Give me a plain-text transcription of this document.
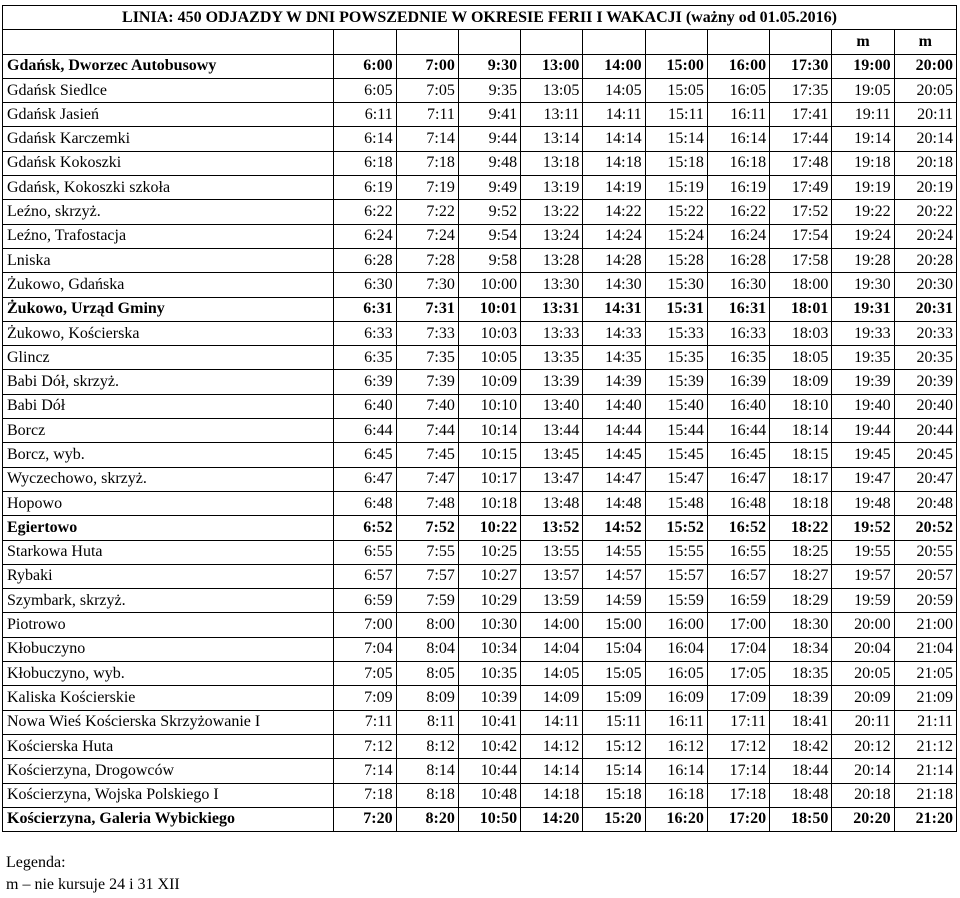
LINIA: 450 ODJAZDY W DNI POWSZEDNIE W OKRESIE FERII I WAKACJI (ważny od 01.05.2016)										
									m	m
Gdańsk, Dworzec Autobusowy	6:00	7:00	9:30	13:00	14:00	15:00	16:00	17:30	19:00	20:00
Gdańsk Siedlce	6:05	7:05	9:35	13:05	14:05	15:05	16:05	17:35	19:05	20:05
Gdańsk Jasień	6:11	7:11	9:41	13:11	14:11	15:11	16:11	17:41	19:11	20:11
Gdańsk Karczemki	6:14	7:14	9:44	13:14	14:14	15:14	16:14	17:44	19:14	20:14
Gdańsk Kokoszki	6:18	7:18	9:48	13:18	14:18	15:18	16:18	17:48	19:18	20:18
Gdańsk, Kokoszki szkoła	6:19	7:19	9:49	13:19	14:19	15:19	16:19	17:49	19:19	20:19
Leźno, skrzyż.	6:22	7:22	9:52	13:22	14:22	15:22	16:22	17:52	19:22	20:22
Leźno, Trafostacja	6:24	7:24	9:54	13:24	14:24	15:24	16:24	17:54	19:24	20:24
Lniska	6:28	7:28	9:58	13:28	14:28	15:28	16:28	17:58	19:28	20:28
Żukowo, Gdańska	6:30	7:30	10:00	13:30	14:30	15:30	16:30	18:00	19:30	20:30
Żukowo, Urząd Gminy	6:31	7:31	10:01	13:31	14:31	15:31	16:31	18:01	19:31	20:31
Żukowo, Kościerska	6:33	7:33	10:03	13:33	14:33	15:33	16:33	18:03	19:33	20:33
Glincz	6:35	7:35	10:05	13:35	14:35	15:35	16:35	18:05	19:35	20:35
Babi Dół, skrzyż.	6:39	7:39	10:09	13:39	14:39	15:39	16:39	18:09	19:39	20:39
Babi Dół	6:40	7:40	10:10	13:40	14:40	15:40	16:40	18:10	19:40	20:40
Borcz	6:44	7:44	10:14	13:44	14:44	15:44	16:44	18:14	19:44	20:44
Borcz, wyb.	6:45	7:45	10:15	13:45	14:45	15:45	16:45	18:15	19:45	20:45
Wyczechowo, skrzyż.	6:47	7:47	10:17	13:47	14:47	15:47	16:47	18:17	19:47	20:47
Hopowo	6:48	7:48	10:18	13:48	14:48	15:48	16:48	18:18	19:48	20:48
Egiertowo	6:52	7:52	10:22	13:52	14:52	15:52	16:52	18:22	19:52	20:52
Starkowa Huta	6:55	7:55	10:25	13:55	14:55	15:55	16:55	18:25	19:55	20:55
Rybaki	6:57	7:57	10:27	13:57	14:57	15:57	16:57	18:27	19:57	20:57
Szymbark, skrzyż.	6:59	7:59	10:29	13:59	14:59	15:59	16:59	18:29	19:59	20:59
Piotrowo	7:00	8:00	10:30	14:00	15:00	16:00	17:00	18:30	20:00	21:00
Kłobuczyno	7:04	8:04	10:34	14:04	15:04	16:04	17:04	18:34	20:04	21:04
Kłobuczyno, wyb.	7:05	8:05	10:35	14:05	15:05	16:05	17:05	18:35	20:05	21:05
Kaliska Kościerskie	7:09	8:09	10:39	14:09	15:09	16:09	17:09	18:39	20:09	21:09
Nowa Wieś Kościerska Skrzyżowanie I	7:11	8:11	10:41	14:11	15:11	16:11	17:11	18:41	20:11	21:11
Kościerska Huta	7:12	8:12	10:42	14:12	15:12	16:12	17:12	18:42	20:12	21:12
Kościerzyna, Drogowców	7:14	8:14	10:44	14:14	15:14	16:14	17:14	18:44	20:14	21:14
Kościerzyna, Wojska Polskiego I	7:18	8:18	10:48	14:18	15:18	16:18	17:18	18:48	20:18	21:18
Kościerzyna, Galeria Wybickiego	7:20	8:20	10:50	14:20	15:20	16:20	17:20	18:50	20:20	21:20
Legenda:
m – nie kursuje 24 i 31 XII
